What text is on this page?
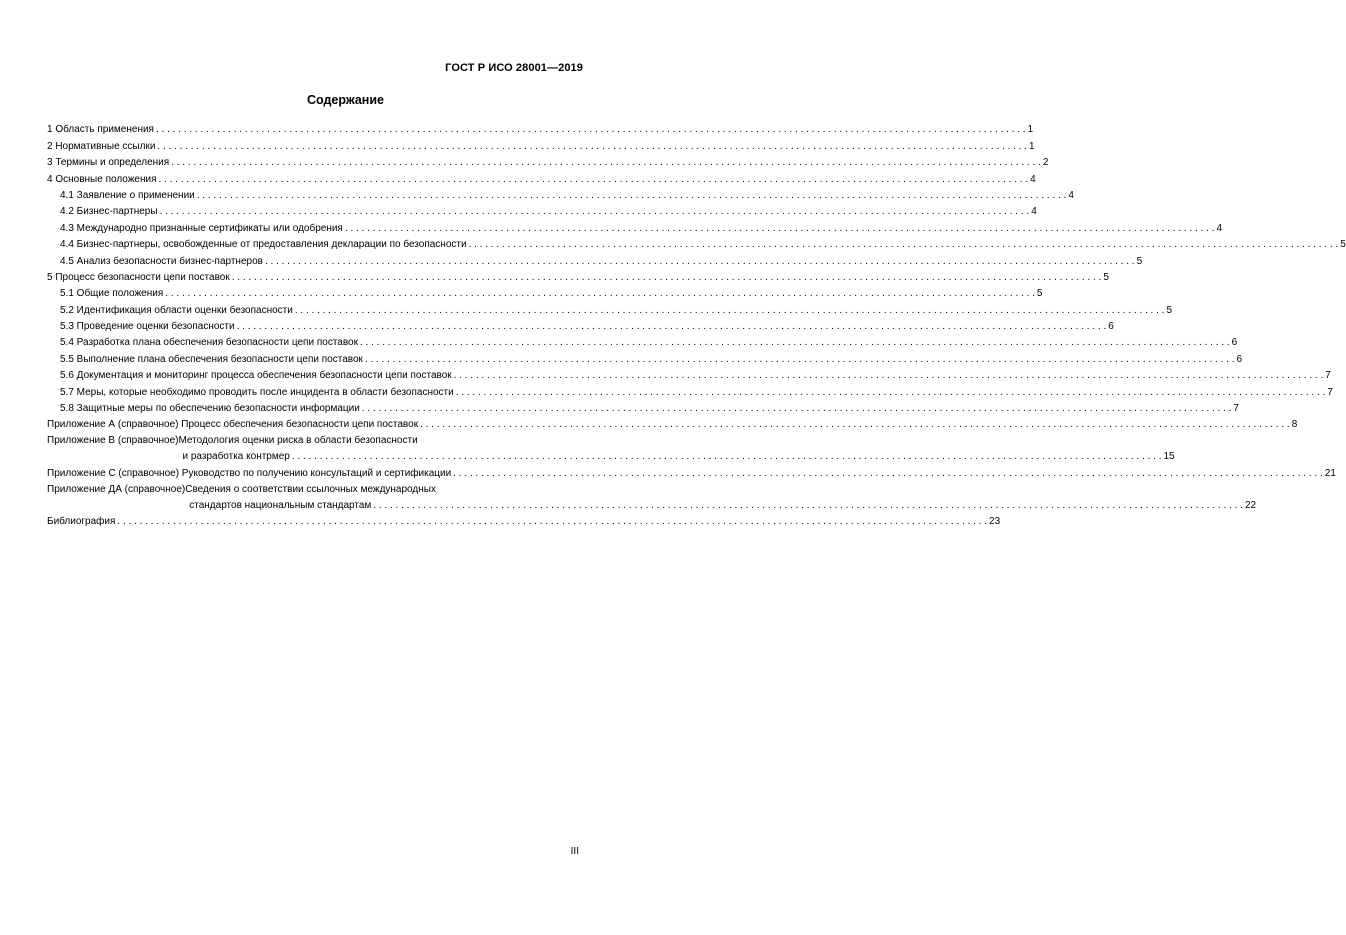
ГОСТ Р ИСО 28001—2019
Содержание
1 Область применения . . .	1
2 Нормативные ссылки . . .	1
3 Термины и определения . . .	2
4 Основные положения . . .	4
4.1 Заявление о применении . . .	4
4.2 Бизнес-партнеры . . .	4
4.3 Международно признанные сертификаты или одобрения . . .	4
4.4 Бизнес-партнеры, освобожденные от предоставления декларации по безопасности . . .	5
4.5 Анализ безопасности бизнес-партнеров . . .	5
5 Процесс безопасности цепи поставок . . .	5
5.1 Общие положения . . .	5
5.2 Идентификация области оценки безопасности . . .	5
5.3 Проведение оценки безопасности . . .	6
5.4 Разработка плана обеспечения безопасности цепи поставок . . .	6
5.5 Выполнение плана обеспечения безопасности цепи поставок . . .	6
5.6 Документация и мониторинг процесса обеспечения безопасности цепи поставок . . .	7
5.7 Меры, которые необходимо проводить после инцидента в области безопасности . . .	7
5.8 Защитные меры по обеспечению безопасности информации . . .	7
Приложение А (справочное) Процесс обеспечения безопасности цепи поставок . . .	8
Приложение В (справочное) Методология оценки риска в области безопасности
и разработка контрмер . . .	15
Приложение С (справочное) Руководство по получению консультаций и сертификации . . .	21
Приложение ДА (справочное) Сведения о соответствии ссылочных международных
стандартов национальным стандартам . . .	22
Библиография . . .	23
III
